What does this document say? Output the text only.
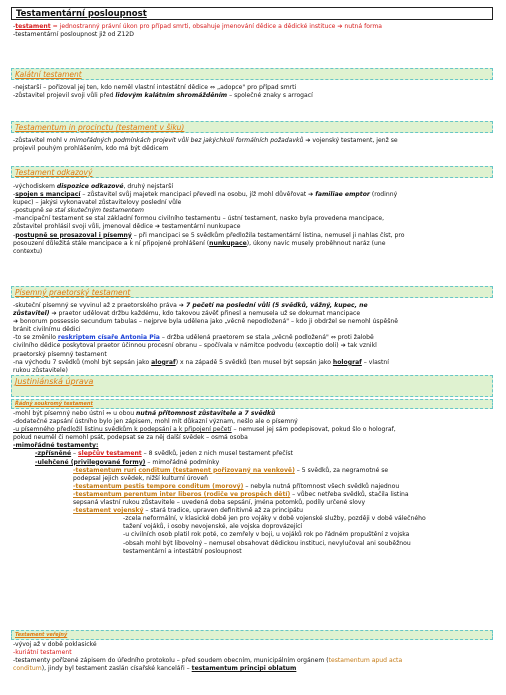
Testamentární posloupnost
-testament = jednostranný právní úkon pro případ smrti, obsahuje jmenování dědice a dědické instituce ➔ nutná forma
-testamentární posloupnost již od Z12D
Kalátní testament
-nejstarší – pořizoval jej ten, kdo neměl vlastní intestátní dědice ⇔ „adopce" pro případ smrti
-zůstavitel projevil svoji vůli před lidovým kalátním shromážděním – společné znaky s arrogací
Testamentum in procinctu (testament v šiku)
-zůstavitel mohl v mimořádných podmínkách projevit vůli bez jakýchkoli formálních požadavků ➔ vojenský testament, jenž se
projevil pouhým prohlášením, kdo má být dědicem
Testament odkazový
-východiskem dispozice odkazové, druhý nejstarší
-spojen s mancipací – zůstavitel svůj majetek mancipací převedl na osobu, jíž mohl důvěřovat ➔ familiae emptor (rodinný
kupec) – jakýsi vykonavatel zůstavitelovy poslední vůle
-postupně se stal skutečným testamentem
-mancipační testament se stal základní formou civilního testamentu – ústní testament, nasko byla provedena mancipace,
zůstavitel prohlásil svoji vůli, jmenoval dědice ➔ testamentární nunkupace
-postupně se prosazoval i písemný – při mancipaci se 5 svědkům předložila testamentární listina, nemusel ji nahlas číst, pro
posouzení důležitá stále mancipace a k ní připojené prohlášení (nunkupace), úkony navíc musely proběhnout naráz (une
contextu)
Písemný praetorský testament
-skuteční písemný se vyvinul až z praetorského práva ➔ 7 pečetí na poslední vůli (5 svědků, vážný, kupec, ne
zůstavitel) ➔ praetor udělovat držbu každému, kdo takovou závěť přinesl a nemusela už se dokumat mancipace
➔ bonorum possessio secundum tabulas – nejprve byla udělena jako „věcně nepodložená" – kdo ji obdržel se nemohl úspěšně
bránit civilnímu dědici
-to se změnilo reskriptem císaře Antonia Pia – držba udělená praetorem se stala „věcně podložená" ⇔ proti žalobě
civilního dědice poskytoval praetor účinnou procesní obranu – spočívala v námitce podvodu (exceptio doli) ➔ tak vznikl
praetorský písemný testament
-na východu 7 svědků (mohl být sepsán jako alograf) x na západě 5 svědků (ten musel být sepsán jako holograf – vlastní
rukou zůstavitele)
Justiniánská úprava
Řádný soukromý testament
-mohl být písemný nebo ústní ⇔ u obou nutná přítomnost zůstavitele a 7 svědků
-dodatečné zapsání ústního bylo jen zápisem, mohl mít důkazní význam, nešlo ale o písemný
-u písemného předložil listinu svědkům k podepsání a k připojení pečetí – nemusel jej sám podepisovat, pokud šlo o holograf,
pokud neuměl či nemohl psát, podepsat se za něj další svědek – osmá osoba
-mimořádné testamenty:
-zpřísněné – slepčův testament – 8 svědků, jeden z nich musel testament přečíst
-ulehčené (privilegované formy) – mimořádné podmínky
-testamentum ruri conditum (testament pořizovaný na venkově) – 5 svědků, za negramotné se
podepsal jejich svědek, nižší kulturní úroveň
-testamentum pestis tempore conditum (morový) – nebyla nutná přítomnost všech svědků najednou
-testamentum perentum inter liberos (rodiče ve prospěch dětí) – vůbec netřeba svědků, stačila listina
sepsaná vlastní rukou zůstavitele – uvedená doba sepsání, jména potomků, podíly určené slovy
-testament vojenský – stará tradice, upraven definitivně až za principátu
-zcela neformální, v klasické době jen pro vojáky v době vojenské služby, později v době válečného
tažení vojáků, i osoby nevojenské, ale vojska doprovázející
-u civilních osob platil rok poté, co zemřely v boji, u vojáků rok po řádném propuštění z vojska
-obsah mohl být libovolný – nemusel obsahovat dědickou instituci, nevylučoval ani souběžnou
testamentární a intestátní posloupnost
Testament veřejný
-vývoj až v době poklasické
-kuriátní testament
-testamenty pořízené zápisem do úředního protokolu – před soudem obecním, municipálním orgánem (testamentum apud acta
conditum), jindy byl testament zaslán císařské kanceláři – testamentum principi oblatum
